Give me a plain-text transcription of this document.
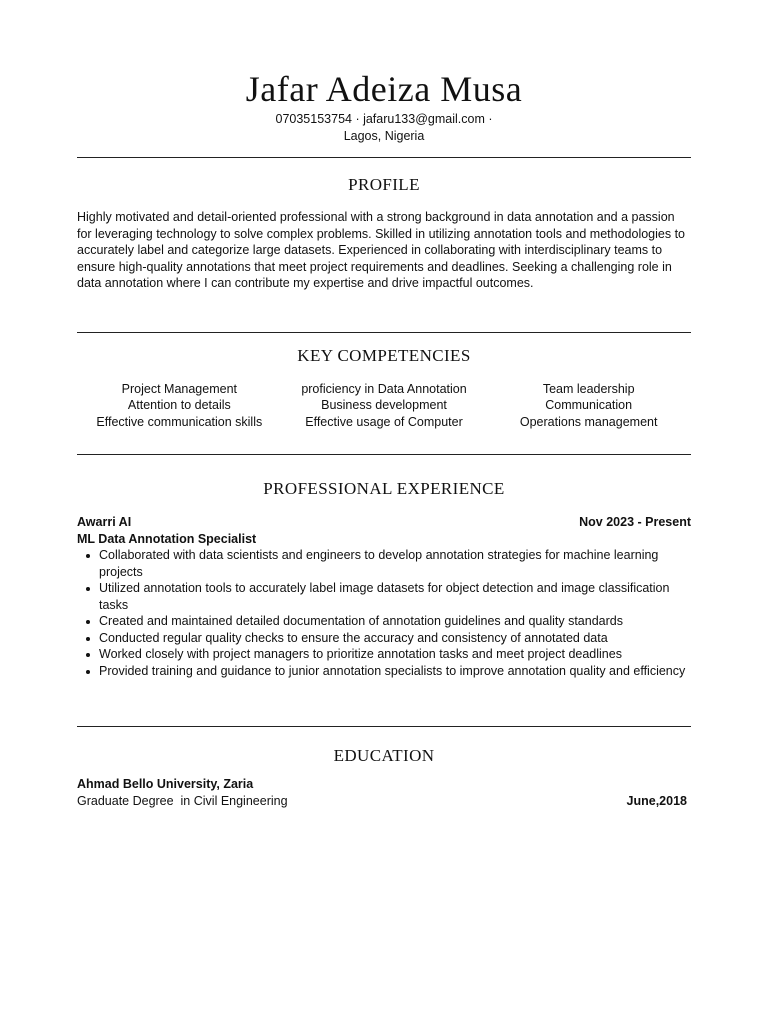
Jafar Adeiza Musa
07035153754 · jafaru133@gmail.com ·
Lagos, Nigeria
PROFILE
Highly motivated and detail-oriented professional with a strong background in data annotation and a passion for leveraging technology to solve complex problems. Skilled in utilizing annotation tools and methodologies to accurately label and categorize large datasets. Experienced in collaborating with interdisciplinary teams to ensure high-quality annotations that meet project requirements and deadlines. Seeking a challenging role in data annotation where I can contribute my expertise and drive impactful outcomes.
KEY COMPETENCIES
Project Management
Attention to details
Effective communication skills
proficiency in Data Annotation
Business development
Effective usage of Computer
Team leadership
Communication
Operations management
PROFESSIONAL EXPERIENCE
Awarri AI	Nov 2023 - Present
ML Data Annotation Specialist
Collaborated with data scientists and engineers to develop annotation strategies for machine learning projects
Utilized annotation tools to accurately label image datasets for object detection and image classification tasks
Created and maintained detailed documentation of annotation guidelines and quality standards
Conducted regular quality checks to ensure the accuracy and consistency of annotated data
Worked closely with project managers to prioritize annotation tasks and meet project deadlines
Provided training and guidance to junior annotation specialists to improve annotation quality and efficiency
EDUCATION
Ahmad Bello University, Zaria
Graduate Degree  in Civil Engineering	June,2018
